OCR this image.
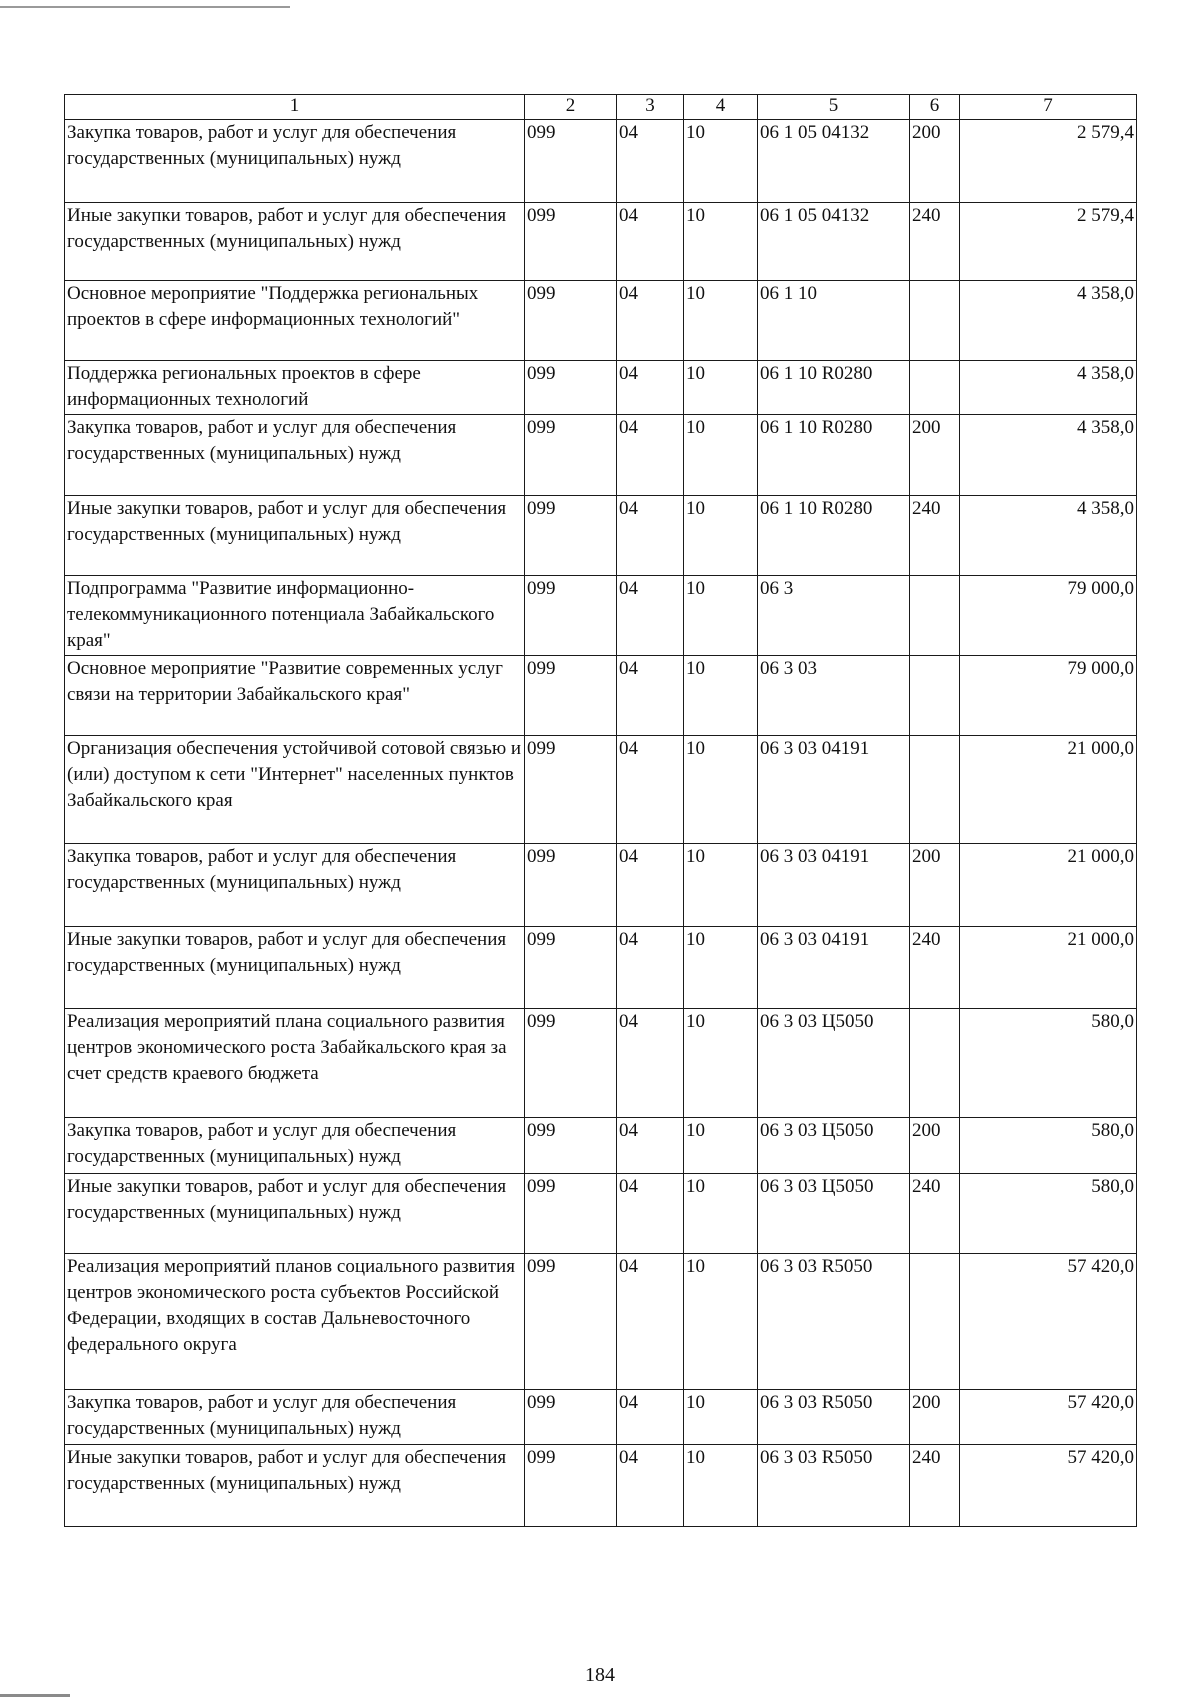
1	2	3	4	5	6	7
Закупка товаров, работ и услуг для обеспечения государственных (муниципальных) нужд	099	04	10	06 1 05 04132	200	2 579,4
Иные закупки товаров, работ и услуг для обеспечения государственных (муниципальных) нужд	099	04	10	06 1 05 04132	240	2 579,4
Основное мероприятие "Поддержка региональных проектов в сфере информационных технологий"	099	04	10	06 1 10		4 358,0
Поддержка региональных проектов в сфере информационных технологий	099	04	10	06 1 10 R0280		4 358,0
Закупка товаров, работ и услуг для обеспечения государственных (муниципальных) нужд	099	04	10	06 1 10 R0280	200	4 358,0
Иные закупки товаров, работ и услуг для обеспечения государственных (муниципальных) нужд	099	04	10	06 1 10 R0280	240	4 358,0
Подпрограмма "Развитие информационно-телекоммуникационного потенциала Забайкальского края"	099	04	10	06 3		79 000,0
Основное мероприятие "Развитие современных услуг связи на территории Забайкальского края"	099	04	10	06 3 03		79 000,0
Организация обеспечения устойчивой сотовой связью и (или) доступом к сети "Интернет" населенных пунктов Забайкальского края	099	04	10	06 3 03 04191		21 000,0
Закупка товаров, работ и услуг для обеспечения государственных (муниципальных) нужд	099	04	10	06 3 03 04191	200	21 000,0
Иные закупки товаров, работ и услуг для обеспечения государственных (муниципальных) нужд	099	04	10	06 3 03 04191	240	21 000,0
Реализация мероприятий плана социального развития центров экономического роста Забайкальского края за счет средств краевого бюджета	099	04	10	06 3 03 Ц5050		580,0
Закупка товаров, работ и услуг для обеспечения государственных (муниципальных) нужд	099	04	10	06 3 03 Ц5050	200	580,0
Иные закупки товаров, работ и услуг для обеспечения государственных (муниципальных) нужд	099	04	10	06 3 03 Ц5050	240	580,0
Реализация мероприятий планов социального развития центров экономического роста субъектов Российской Федерации, входящих в состав Дальневосточного федерального округа	099	04	10	06 3 03 R5050		57 420,0
Закупка товаров, работ и услуг для обеспечения государственных (муниципальных) нужд	099	04	10	06 3 03 R5050	200	57 420,0
Иные закупки товаров, работ и услуг для обеспечения государственных (муниципальных) нужд	099	04	10	06 3 03 R5050	240	57 420,0
184
